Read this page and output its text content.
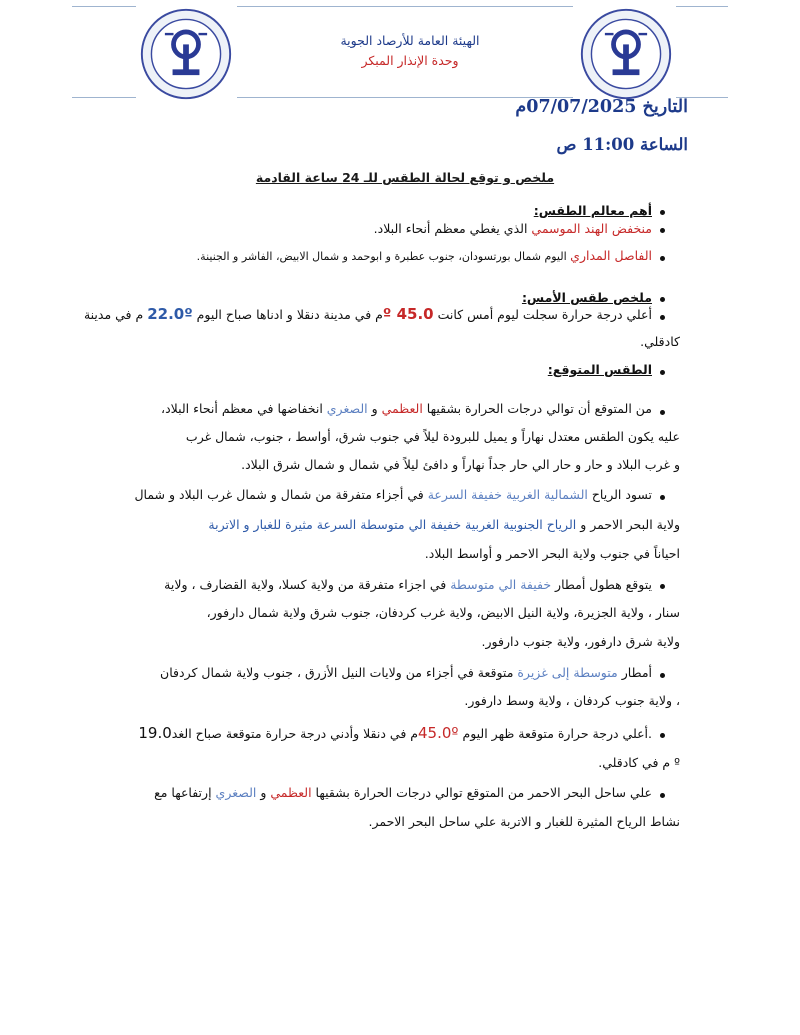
الهيئة العامة للأرصاد الجوية
وحدة الإنذار المبكر
التاريخ 07/07/2025م
الساعة 11:00 ص
ملخص و توقع لحالة الطقس للـ 24 ساعة القادمة
أهم معالم الطقس:
منخفض الهند الموسمي الذي يغطي معظم أنحاء البلاد.
الفاصل المداري اليوم شمال بورتسودان، جنوب عطبرة و ابوحمد و شمال الابيض، الفاشر و الجنينة.
ملخص طقس الأمس:
أعلي درجة حرارة سجلت ليوم أمس كانت 45.0 ºم في مدينة دنقلا و ادناها صباح اليوم 22.0º م في مدينة
كادقلي.
الطقس المتوقع:
من المتوقع أن توالي درجات الحرارة بشقيها العظمي و الصغري انخفاضها في معظم أنحاء البلاد،
عليه يكون الطقس معتدل نهاراً و يميل للبرودة ليلاً في جنوب شرق، أواسط ، جنوب، شمال غرب
و غرب البلاد و حار و حار الي حار جداً نهاراً و دافئ ليلاً في شمال و شمال شرق البلاد.
تسود الرياح الشمالية الغربية خفيفة السرعة في أجزاء متفرقة من شمال و شمال غرب البلاد و شمال
ولاية البحر الاحمر و الرياح الجنوبية الغربية خفيفة الي متوسطة السرعة مثيرة للغبار و الاتربة
احياناً في جنوب ولاية البحر الاحمر و أواسط البلاد.
يتوقع هطول أمطار خفيفة الي متوسطة في اجزاء متفرقة من ولاية كسلا، ولاية القضارف ، ولاية
سنار ، ولاية الجزيرة، ولاية النيل الابيض، ولاية غرب كردفان، جنوب شرق ولاية شمال دارفور،
ولاية شرق دارفور، ولاية جنوب دارفور.
أمطار متوسطة إلى غزيرة متوقعة في أجزاء من ولايات النيل الأزرق ، جنوب ولاية شمال كردفان
، ولاية جنوب كردفان ، ولاية وسط دارفور.
.أعلي درجة حرارة متوقعة ظهر اليوم 45.0ºم في دنقلا وأدني درجة حرارة متوقعة صباح الغد19.0
º م في كادقلي.
علي ساحل البحر الاحمر من المتوقع توالي درجات الحرارة بشقيها العظمي و الصغري إرتفاعها مع
نشاط الرياح المثيرة للغبار و الاتربة علي ساحل البحر الاحمر.
